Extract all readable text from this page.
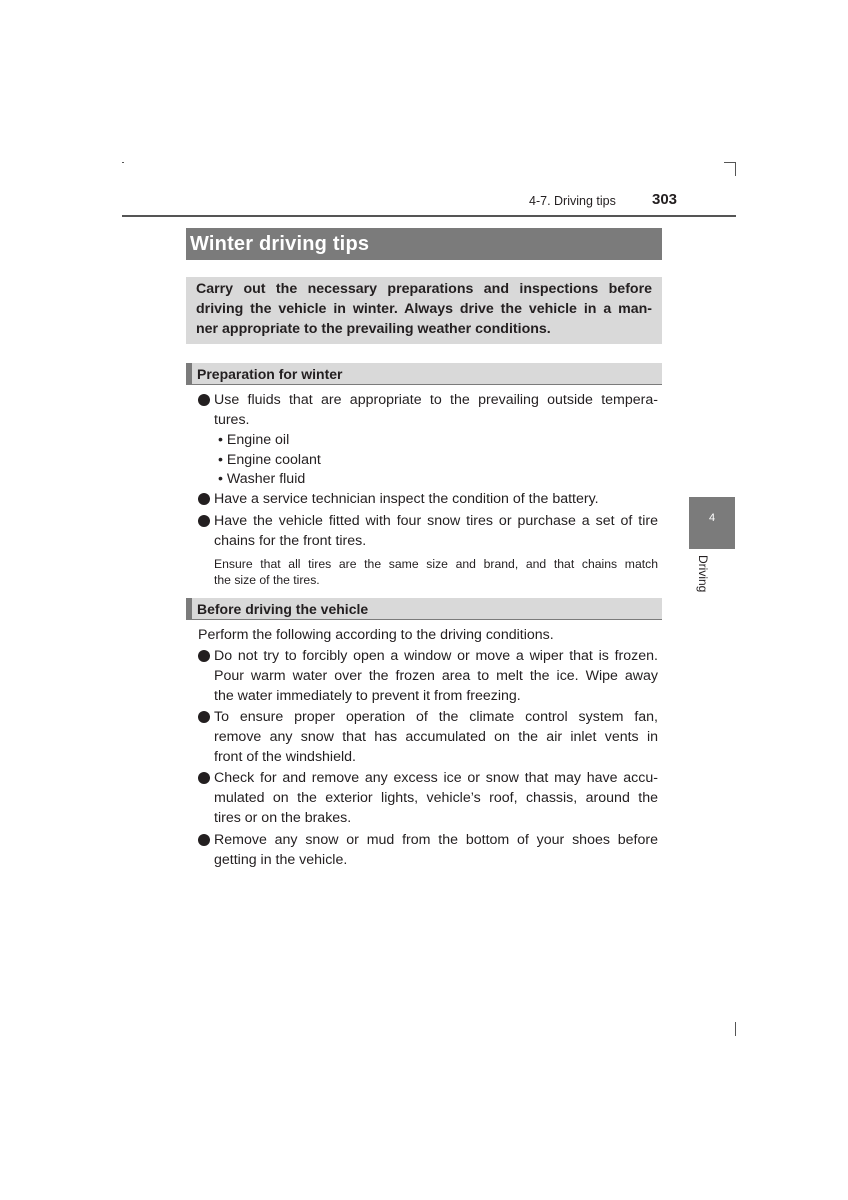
4-7. Driving tips 303
Winter driving tips
Carry out the necessary preparations and inspections before
driving the vehicle in winter. Always drive the vehicle in a man-
ner appropriate to the prevailing weather conditions.
Preparation for winter
Use fluids that are appropriate to the prevailing outside tempera-
tures.
• Engine oil
• Engine coolant
• Washer fluid
Have a service technician inspect the condition of the battery.
Have the vehicle fitted with four snow tires or purchase a set of tire
chains for the front tires.
Ensure that all tires are the same size and brand, and that chains match
the size of the tires.
Before driving the vehicle
Perform the following according to the driving conditions.
Do not try to forcibly open a window or move a wiper that is frozen.
Pour warm water over the frozen area to melt the ice. Wipe away
the water immediately to prevent it from freezing.
To ensure proper operation of the climate control system fan,
remove any snow that has accumulated on the air inlet vents in
front of the windshield.
Check for and remove any excess ice or snow that may have accu-
mulated on the exterior lights, vehicle’s roof, chassis, around the
tires or on the brakes.
Remove any snow or mud from the bottom of your shoes before
getting in the vehicle.
4
Driving
